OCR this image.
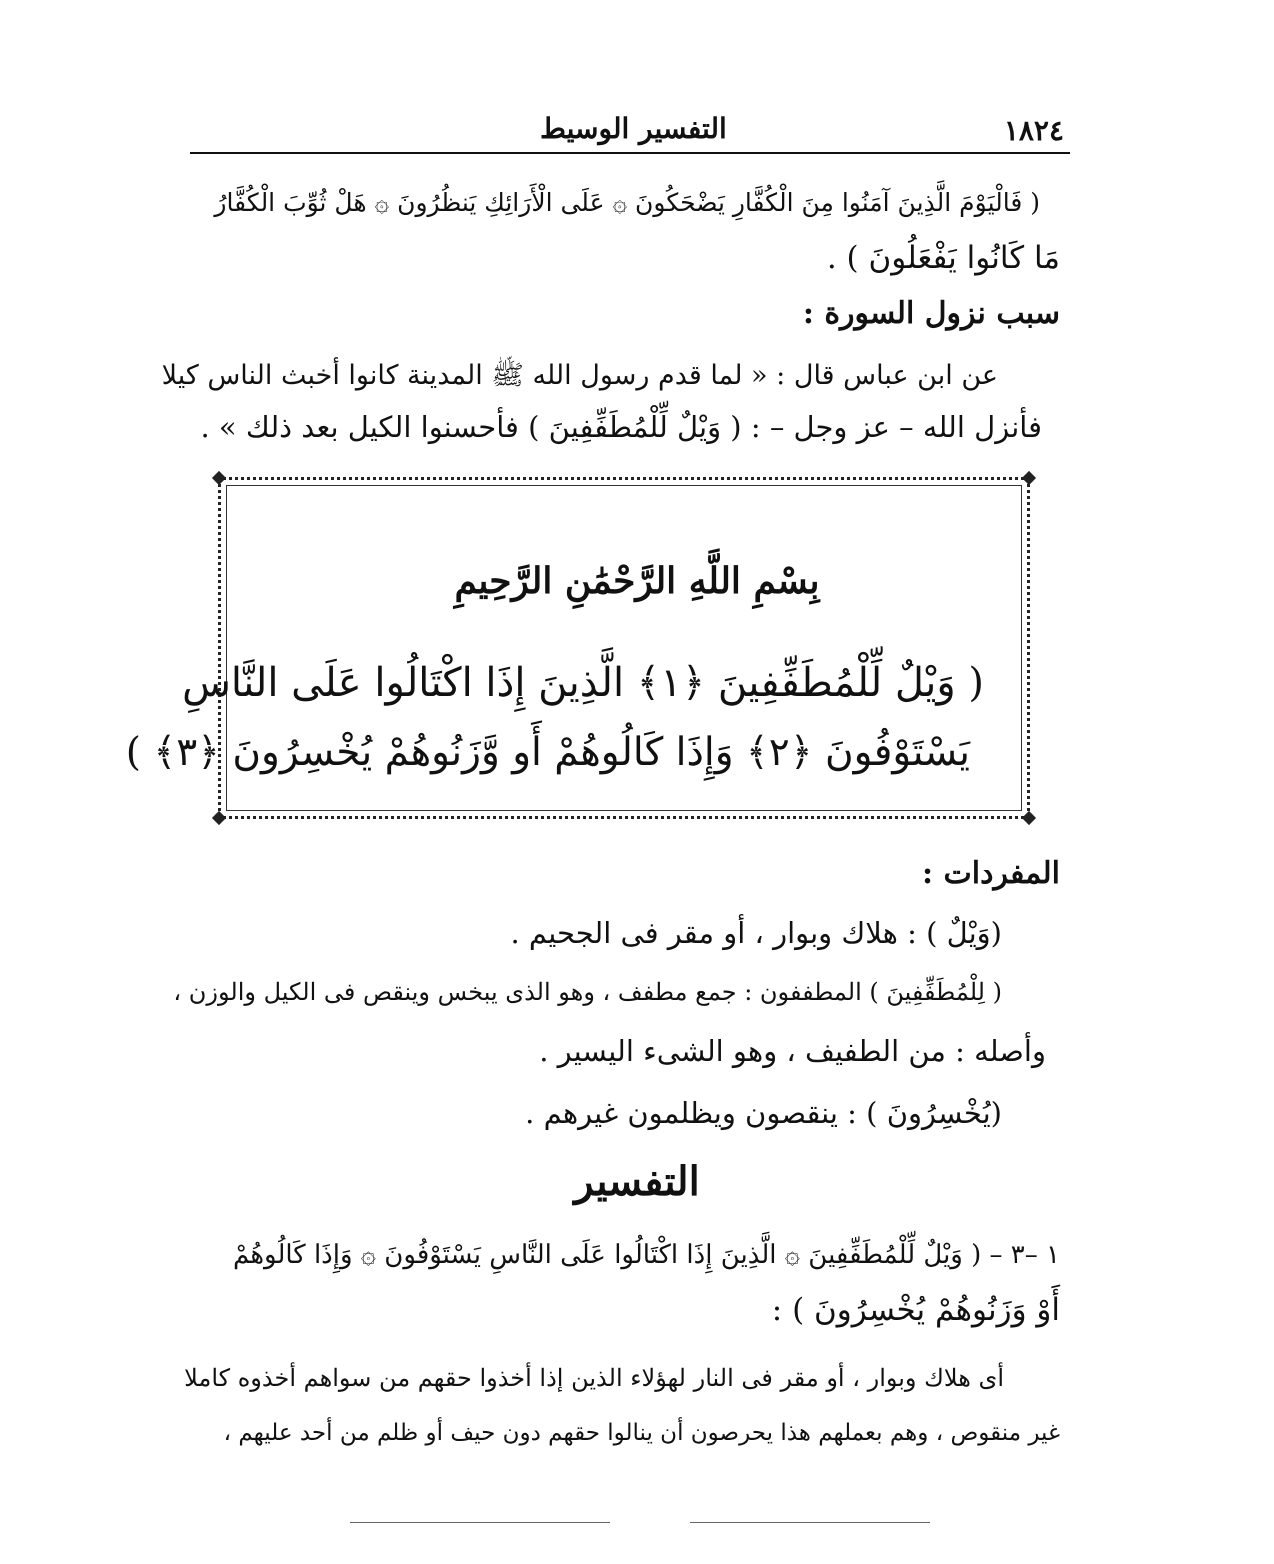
١٨٢٤
التفسير الوسيط
( فَالْيَوْمَ الَّذِينَ آمَنُوا مِنَ الْكُفَّارِ يَضْحَكُونَ ۞ عَلَى الْأَرَائِكِ يَنظُرُونَ ۞ هَلْ ثُوِّبَ الْكُفَّارُ
مَا كَانُوا يَفْعَلُونَ ) .
سبب نزول السورة :
عن ابن عباس قال : « لما قدم رسول الله ﷺ المدينة كانوا أخبث الناس كيلا
فأنزل الله – عز وجل – : ( وَيْلٌ لِّلْمُطَفِّفِينَ ) فأحسنوا الكيل بعد ذلك » .
بِسْمِ اللَّهِ الرَّحْمَٰنِ الرَّحِيمِ
( وَيْلٌ لِّلْمُطَفِّفِينَ ﴿١﴾ الَّذِينَ إِذَا اكْتَالُوا عَلَى النَّاسِ
يَسْتَوْفُونَ ﴿٢﴾ وَإِذَا كَالُوهُمْ أَو وَّزَنُوهُمْ يُخْسِرُونَ ﴿٣﴾ )
المفردات :
(وَيْلٌ ) : هلاك وبوار ، أو مقر فى الجحيم .
( لِلْمُطَفِّفِينَ ) المطففون : جمع مطفف ، وهو الذى يبخس وينقص فى الكيل والوزن ،
وأصله : من الطفيف ، وهو الشىء اليسير .
(يُخْسِرُونَ ) : ينقصون ويظلمون غيرهم .
التفسير
١ –٣ – ( وَيْلٌ لِّلْمُطَفِّفِينَ ۞ الَّذِينَ إِذَا اكْتَالُوا عَلَى النَّاسِ يَسْتَوْفُونَ ۞ وَإِذَا كَالُوهُمْ
أَوْ وَزَنُوهُمْ يُخْسِرُونَ ) :
أى هلاك وبوار ، أو مقر فى النار لهؤلاء الذين إذا أخذوا حقهم من سواهم أخذوه كاملا
غير منقوص ، وهم بعملهم هذا يحرصون أن ينالوا حقهم دون حيف أو ظلم من أحد عليهم ،
